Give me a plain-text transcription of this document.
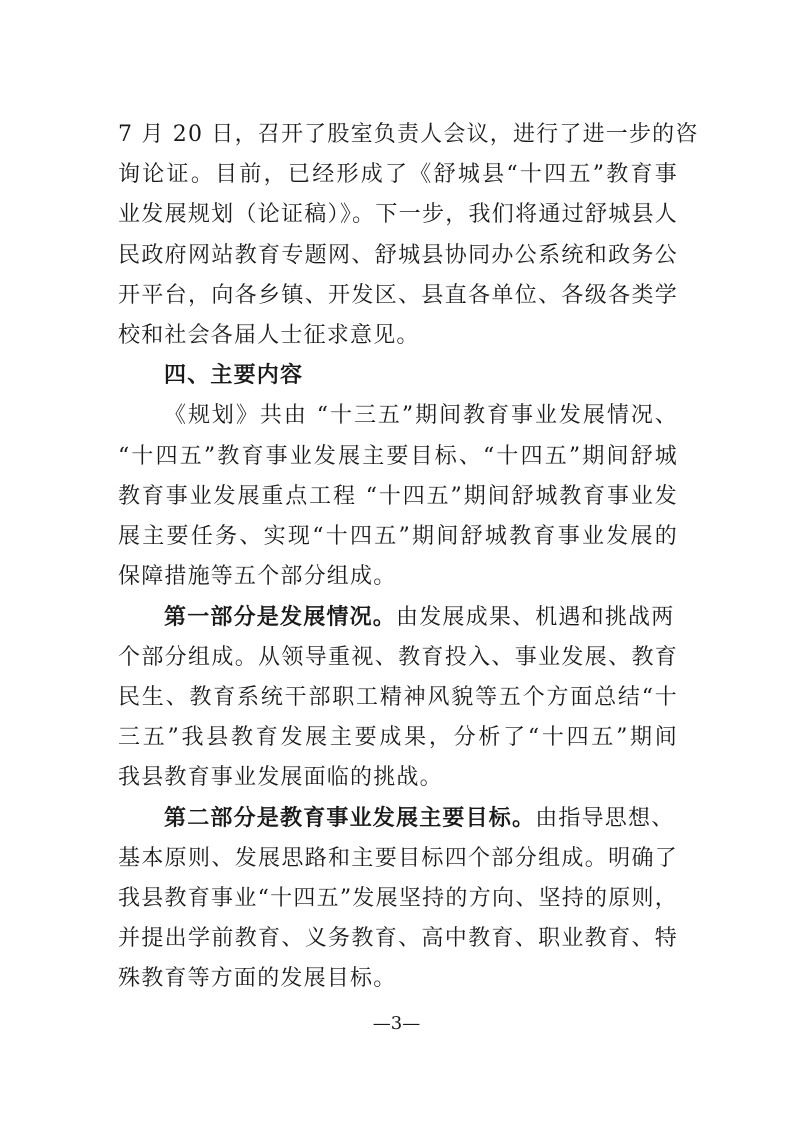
7 月 20 日，召开了股室负责人会议，进行了进一步的咨
询论证。目前，已经形成了《舒城县“十四五”教育事
业发展规划（论证稿）》。下一步，我们将通过舒城县人
民政府网站教育专题网、舒城县协同办公系统和政务公
开平台，向各乡镇、开发区、县直各单位、各级各类学
校和社会各届人士征求意见。
四、主要内容
《规划》共由 “十三五”期间教育事业发展情况、
“十四五”教育事业发展主要目标、“十四五”期间舒城
教育事业发展重点工程 “十四五”期间舒城教育事业发
展主要任务、实现“十四五”期间舒城教育事业发展的
保障措施等五个部分组成。
第一部分是发展情况。由发展成果、机遇和挑战两
个部分组成。从领导重视、教育投入、事业发展、教育
民生、教育系统干部职工精神风貌等五个方面总结“十
三五”我县教育发展主要成果，分析了“十四五”期间
我县教育事业发展面临的挑战。
第二部分是教育事业发展主要目标。由指导思想、
基本原则、发展思路和主要目标四个部分组成。明确了
我县教育事业“十四五”发展坚持的方向、坚持的原则，
并提出学前教育、义务教育、高中教育、职业教育、特
殊教育等方面的发展目标。
—3—
